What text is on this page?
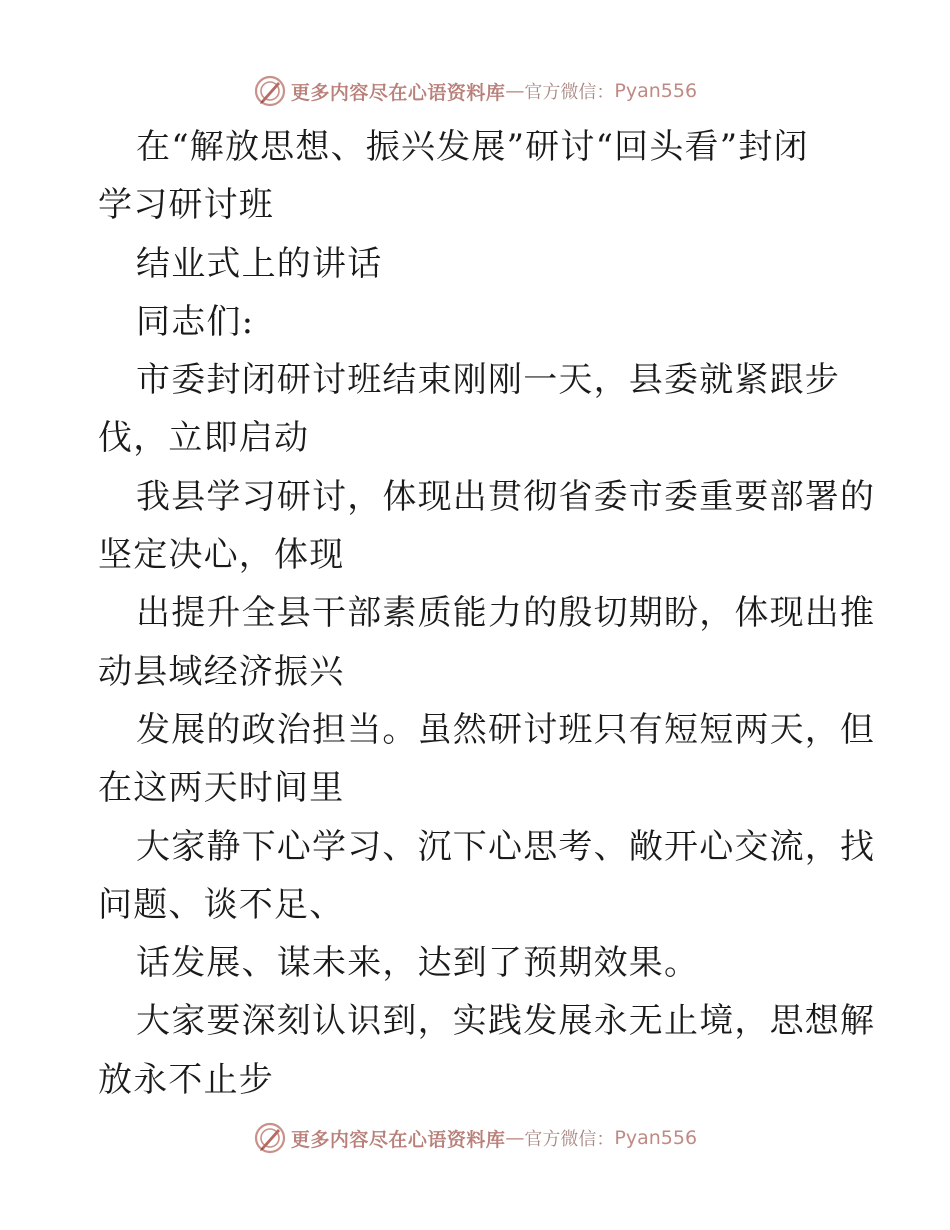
更多内容尽在心语资料库 — 官方微信： Pyan556
在“解放思想、振兴发展”研讨“回头看”封闭
学习研讨班
结业式上的讲话
同志们:
市委封闭研讨班结束刚刚一天，县委就紧跟步
伐，立即启动
我县学习研讨，体现出贯彻省委市委重要部署的
坚定决心，体现
出提升全县干部素质能力的殷切期盼，体现出推
动县域经济振兴
发展的政治担当。虽然研讨班只有短短两天，但
在这两天时间里
大家静下心学习、沉下心思考、敞开心交流，找
问题、谈不足、
话发展、谋未来，达到了预期效果。
大家要深刻认识到，实践发展永无止境，思想解
放永不止步
更多内容尽在心语资料库 — 官方微信： Pyan556
